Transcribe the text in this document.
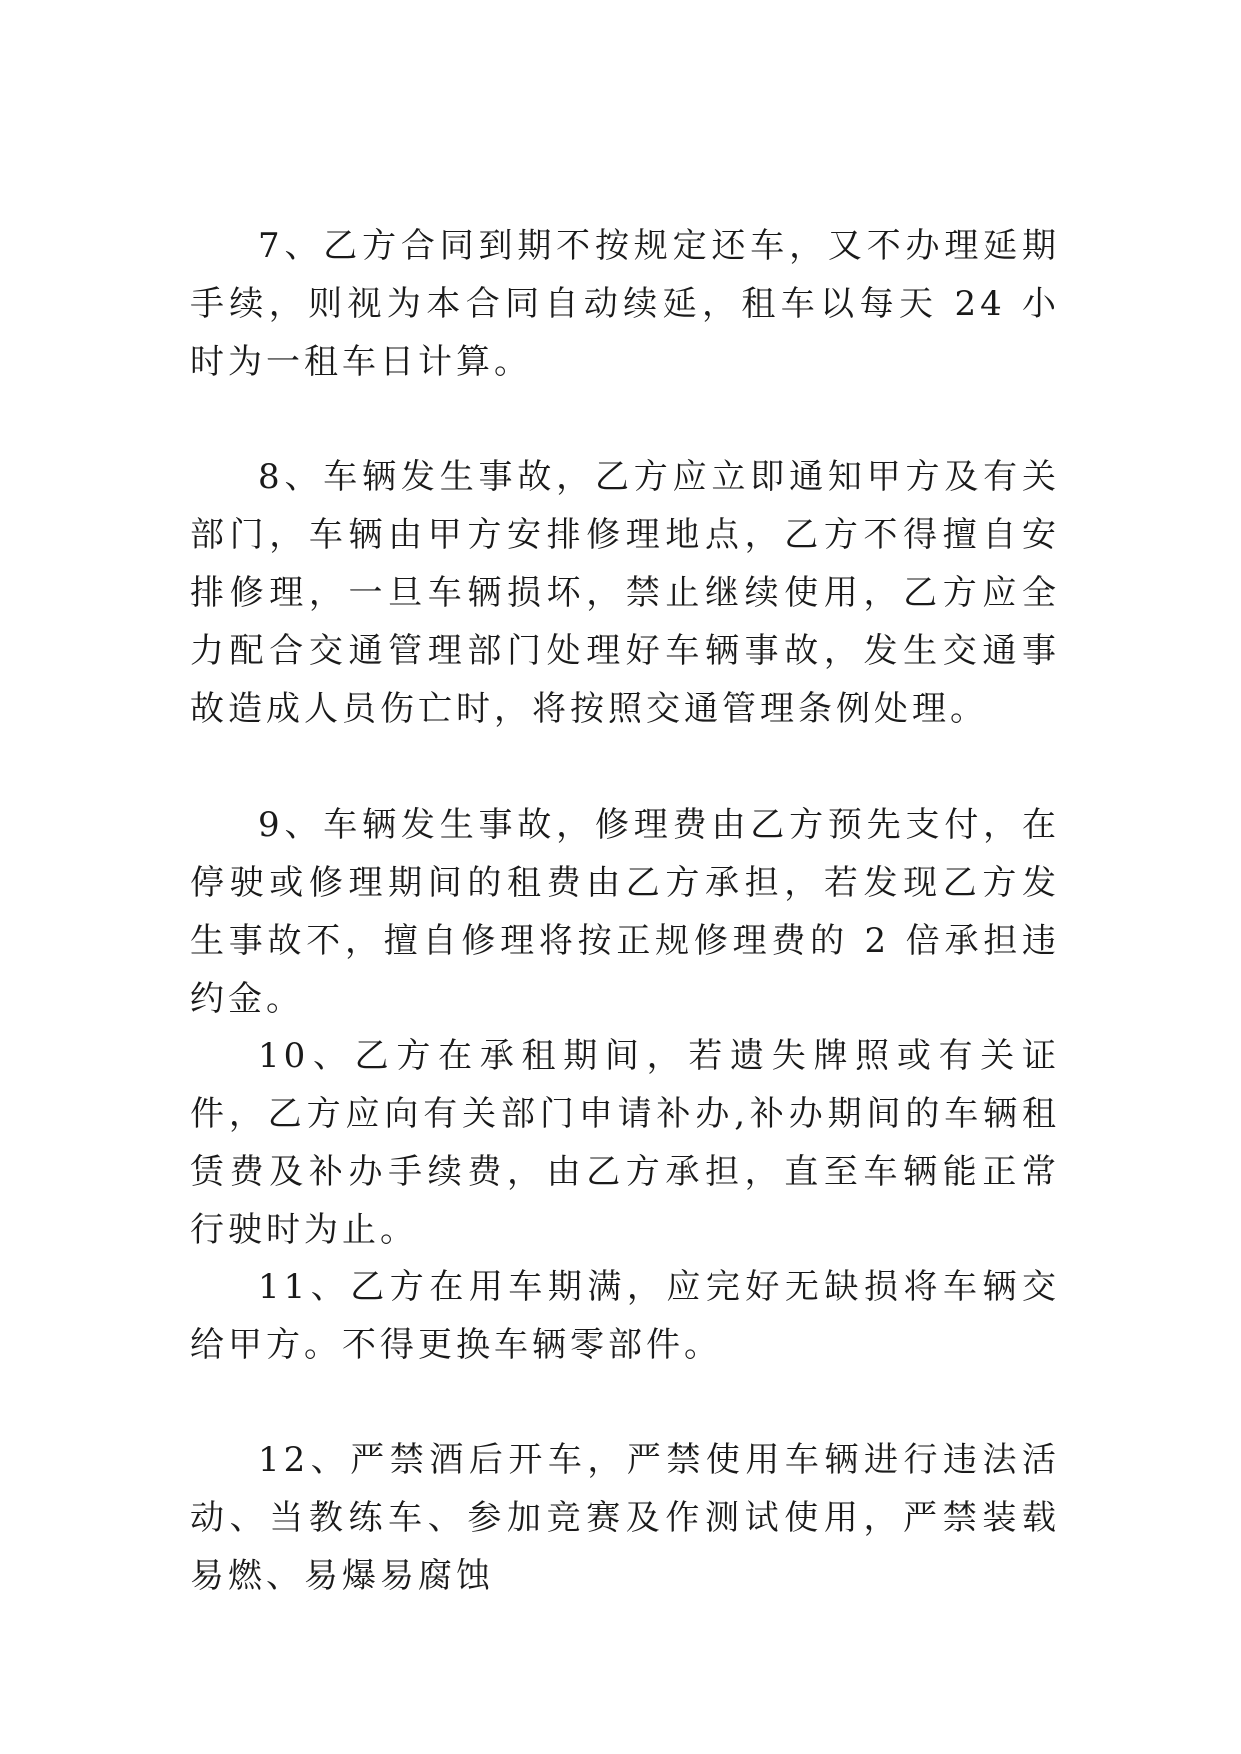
7、乙方合同到期不按规定还车，又不办理延期手续，则视为本合同自动续延，租车以每天 24 小时为一租车日计算。

8、车辆发生事故，乙方应立即通知甲方及有关部门，车辆由甲方安排修理地点，乙方不得擅自安排修理，一旦车辆损坏，禁止继续使用，乙方应全力配合交通管理部门处理好车辆事故，发生交通事故造成人员伤亡时，将按照交通管理条例处理。

9、车辆发生事故，修理费由乙方预先支付，在停驶或修理期间的租费由乙方承担，若发现乙方发生事故不，擅自修理将按正规修理费的 2 倍承担违约金。

10、乙方在承租期间，若遗失牌照或有关证件，乙方应向有关部门申请补办,补办期间的车辆租赁费及补办手续费，由乙方承担，直至车辆能正常行驶时为止。

11、乙方在用车期满，应完好无缺损将车辆交给甲方。不得更换车辆零部件。

12、严禁酒后开车，严禁使用车辆进行违法活动、当教练车、参加竞赛及作测试使用，严禁装载易燃、易爆易腐蚀
